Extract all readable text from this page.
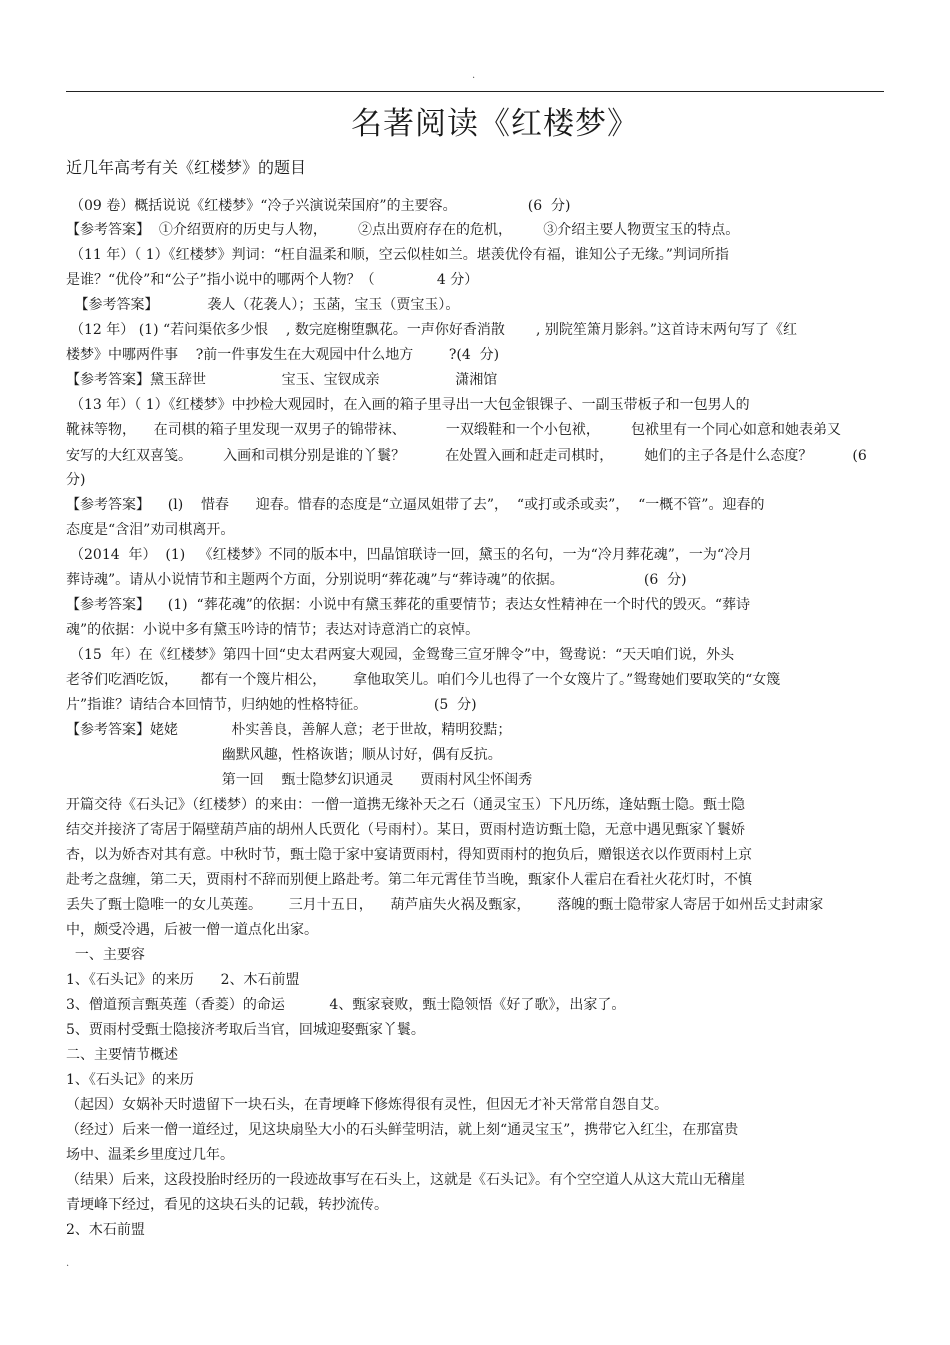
.
名著阅读《红楼梦》
近几年高考有关《红楼梦》的题目
（09 卷）概括说说《红楼梦》“冷子兴演说荣国府”的主要容。                (6  分)
【参考答案】  ①介绍贾府的历史与人物，       ②点出贾府存在的危机，       ③介绍主要人物贾宝玉的特点。
（11 年）（ 1）《红楼梦》判词：“枉自温柔和顺，空云似桂如兰。堪羡优伶有福，谁知公子无缘。”判词所指
是谁？“优伶”和“公子”指小说中的哪两个人物？（              4 分）
【参考答案】           袭人（花袭人）；玉菡，宝玉（贾宝玉）。
（12 年） (1) “若问渠依多少恨    , 数完庭榭堕飘花。一声你好香消散       , 别院笙箫月影斜。”这首诗末两句写了《红
楼梦》中哪两件事    ?前一件事发生在大观园中什么地方        ?(4  分)
【参考答案】黛玉辞世                 宝玉、宝钗成亲                 潇湘馆
（13 年）（ 1）《红楼梦》中抄检大观园时，在入画的箱子里寻出一大包金银锞子、一副玉带板子和一包男人的
靴袜等物，    在司棋的箱子里发现一双男子的锦带袜、         一双缎鞋和一个小包袱，       包袱里有一个同心如意和她表弟又
安写的大红双喜笺。       入画和司棋分别是谁的丫鬟？         在处置入画和赶走司棋时，       她们的主子各是什么态度？         (6
分)
【参考答案】    (l)    惜春      迎春。惜春的态度是“立逼凤姐带了去”，  “或打或杀或卖”，  “一概不管”。迎春的
态度是“含泪”劝司棋离开。
（2014  年）  (1)   《红楼梦》不同的版本中，凹晶馆联诗一回，黛玉的名句，一为“冷月葬花魂”，一为“冷月
葬诗魂”。请从小说情节和主题两个方面，分别说明“葬花魂”与“葬诗魂”的依据。                  (6  分)
【参考答案】    (1)  “葬花魂”的依据：小说中有黛玉葬花的重要情节；表达女性精神在一个时代的毁灭。“葬诗
魂”的依据：小说中多有黛玉吟诗的情节；表达对诗意消亡的哀悼。
（15  年）在《红楼梦》第四十回“史太君两宴大观园，金鸳鸯三宣牙牌令”中，鸳鸯说：“天天咱们说，外头
老爷们吃酒吃饭，     都有一个篾片相公，      拿他取笑儿。咱们今儿也得了一个女篾片了。”鸳鸯她们要取笑的“女篾
片”指谁？请结合本回情节，归纳她的性格特征。               (5  分)
【参考答案】姥姥            朴实善良，善解人意；老于世故，精明狡黠；
幽默风趣，性格诙谐；顺从讨好，偶有反抗。
第一回    甄士隐梦幻识通灵      贾雨村风尘怀闺秀
开篇交待《石头记》（红楼梦）的来由：一僧一道携无缘补天之石（通灵宝玉）下凡历练，逢姑甄士隐。甄士隐
结交并接济了寄居于隔壁葫芦庙的胡州人氏贾化（号雨村）。某日，贾雨村造访甄士隐，无意中遇见甄家丫鬟娇
杏，以为娇杏对其有意。中秋时节，甄士隐于家中宴请贾雨村，得知贾雨村的抱负后，赠银送衣以作贾雨村上京
赴考之盘缠，第二天，贾雨村不辞而别便上路赴考。第二年元霄佳节当晚，甄家仆人霍启在看社火花灯时，不慎
丢失了甄士隐唯一的女儿英莲。      三月十五日，    葫芦庙失火祸及甄家，      落魄的甄士隐带家人寄居于如州岳丈封肃家
中，颇受冷遇，后被一僧一道点化出家。
一、主要容
1、《石头记》的来历      2、木石前盟
3、僧道预言甄英莲（香菱）的命运          4、甄家衰败，甄士隐领悟《好了歌》，出家了。
5、贾雨村受甄士隐接济考取后当官，回城迎娶甄家丫鬟。
二、主要情节概述
1、《石头记》的来历
（起因）女娲补天时遗留下一块石头，在青埂峰下修炼得很有灵性，但因无才补天常常自怨自艾。
（经过）后来一僧一道经过，见这块扇坠大小的石头鲜莹明洁，就上刻“通灵宝玉”，携带它入红尘，在那富贵
场中、温柔乡里度过几年。
（结果）后来，这段投胎时经历的一段迹故事写在石头上，这就是《石头记》。有个空空道人从这大荒山无稽崖
青埂峰下经过，看见的这块石头的记载，转抄流传。
2、木石前盟
.
